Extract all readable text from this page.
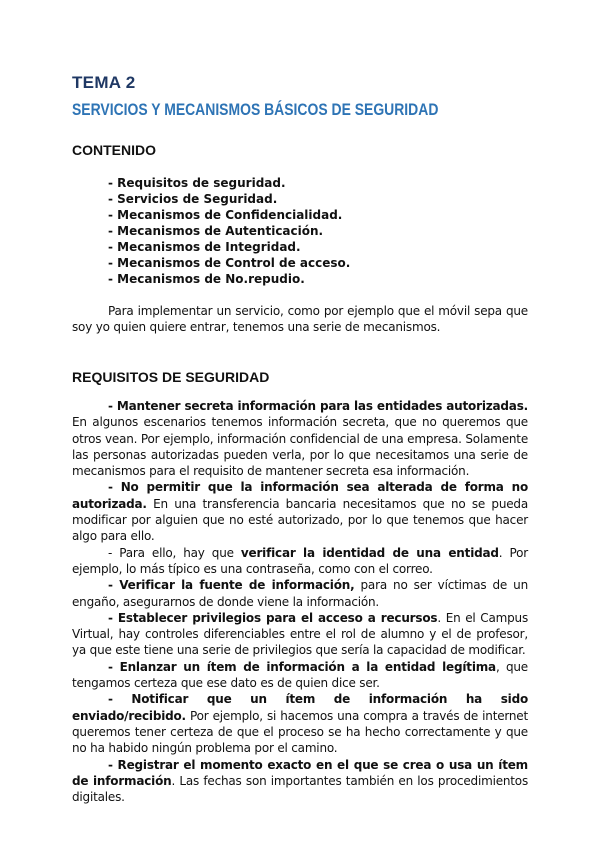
TEMA 2
SERVICIOS Y MECANISMOS BÁSICOS DE SEGURIDAD
CONTENIDO
- Requisitos de seguridad.
- Servicios de Seguridad.
- Mecanismos de Confidencialidad.
- Mecanismos de Autenticación.
- Mecanismos de Integridad.
- Mecanismos de Control de acceso.
- Mecanismos de No.repudio.

Para implementar un servicio, como por ejemplo que el móvil sepa que soy yo quien quiere entrar, tenemos una serie de mecanismos.

REQUISITOS DE SEGURIDAD

- Mantener secreta información para las entidades autorizadas. En algunos escenarios tenemos información secreta, que no queremos que otros vean. Por ejemplo, información confidencial de una empresa. Solamente las personas autorizadas pueden verla, por lo que necesitamos una serie de mecanismos para el requisito de mantener secreta esa información.

- No permitir que la información sea alterada de forma no autorizada. En una transferencia bancaria necesitamos que no se pueda modificar por alguien que no esté autorizado, por lo que tenemos que hacer algo para ello.

- Para ello, hay que verificar la identidad de una entidad. Por ejemplo, lo más típico es una contraseña, como con el correo.

- Verificar la fuente de información, para no ser víctimas de un engaño, asegurarnos de donde viene la información.

- Establecer privilegios para el acceso a recursos. En el Campus Virtual, hay controles diferenciables entre el rol de alumno y el de profesor, ya que este tiene una serie de privilegios que sería la capacidad de modificar.

- Enlanzar un ítem de información a la entidad legítima, que tengamos certeza que ese dato es de quien dice ser.

- Notificar que un ítem de información ha sido enviado/recibido. Por ejemplo, si hacemos una compra a través de internet queremos tener certeza de que el proceso se ha hecho correctamente y que no ha habido ningún problema por el camino.

- Registrar el momento exacto en el que se crea o usa un ítem de información. Las fechas son importantes también en los procedimientos digitales.
